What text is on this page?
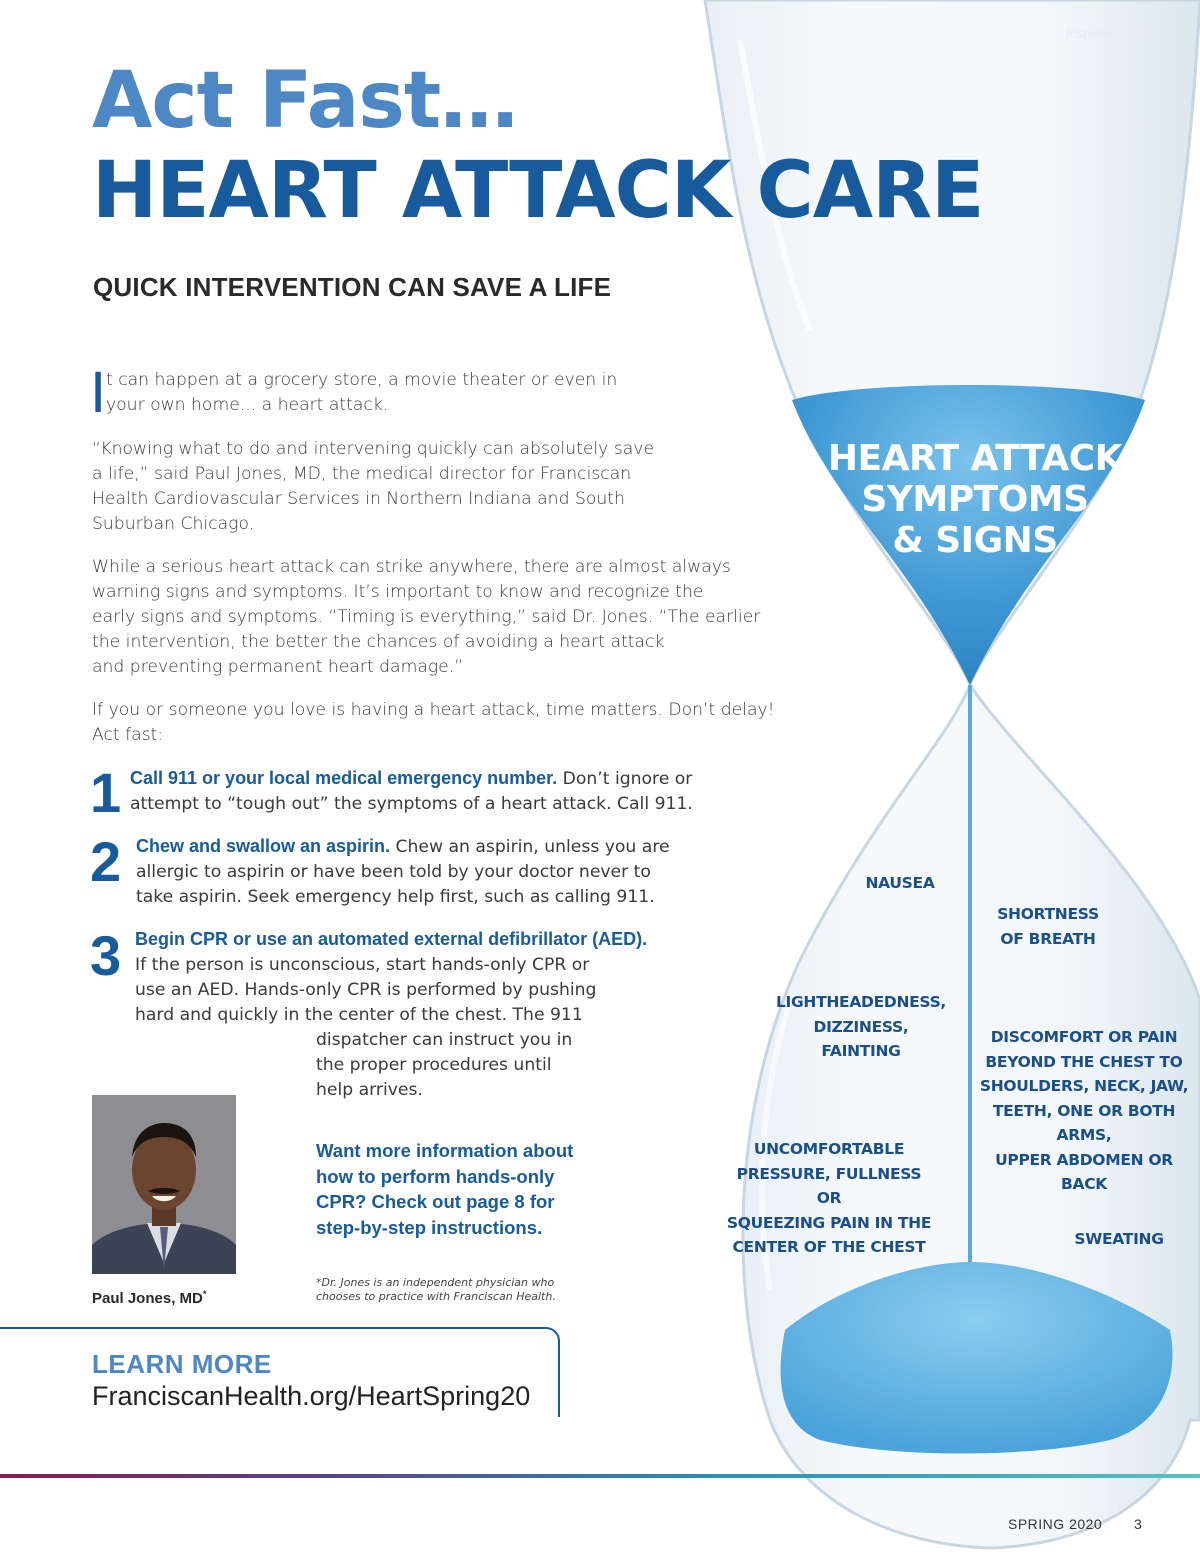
Inspiring Health
Act Fast…
HEART ATTACK CARE
QUICK INTERVENTION CAN SAVE A LIFE
I t can happen at a grocery store, a movie theater or even in
your own home... a heart attack.
“Knowing what to do and intervening quickly can absolutely save
a life,” said Paul Jones, MD, the medical director for Franciscan
Health Cardiovascular Services in Northern Indiana and South
Suburban Chicago.
While a serious heart attack can strike anywhere, there are almost always
warning signs and symptoms. It’s important to know and recognize the
early signs and symptoms. “Timing is everything,” said Dr. Jones. “The earlier
the intervention, the better the chances of avoiding a heart attack
and preventing permanent heart damage.”
If you or someone you love is having a heart attack, time matters. Don’t delay!
Act fast:
1 Call 911 or your local medical emergency number. Don’t ignore or
attempt to “tough out” the symptoms of a heart attack. Call 911.
2 Chew and swallow an aspirin. Chew an aspirin, unless you are
allergic to aspirin or have been told by your doctor never to
take aspirin. Seek emergency help first, such as calling 911.
3 Begin CPR or use an automated external defibrillator (AED).
If the person is unconscious, start hands-only CPR or
use an AED. Hands-only CPR is performed by pushing
hard and quickly in the center of the chest. The 911
dispatcher can instruct you in
the proper procedures until
help arrives.
Paul Jones, MD*
Want more information about
how to perform hands-only
CPR? Check out page 8 for
step-by-step instructions.
*Dr. Jones is an independent physician who
chooses to practice with Franciscan Health.
LEARN MORE
FranciscanHealth.org/HeartSpring20
HEART ATTACK
SYMPTOMS
& SIGNS
NAUSEA
SHORTNESS
OF BREATH
LIGHTHEADEDNESS,
DIZZINESS,
FAINTING
DISCOMFORT OR PAIN
BEYOND THE CHEST TO
SHOULDERS, NECK, JAW,
TEETH, ONE OR BOTH ARMS,
UPPER ABDOMEN OR BACK
UNCOMFORTABLE
PRESSURE, FULLNESS OR
SQUEEZING PAIN IN THE
CENTER OF THE CHEST	SWEATING
SPRING 2020 3
